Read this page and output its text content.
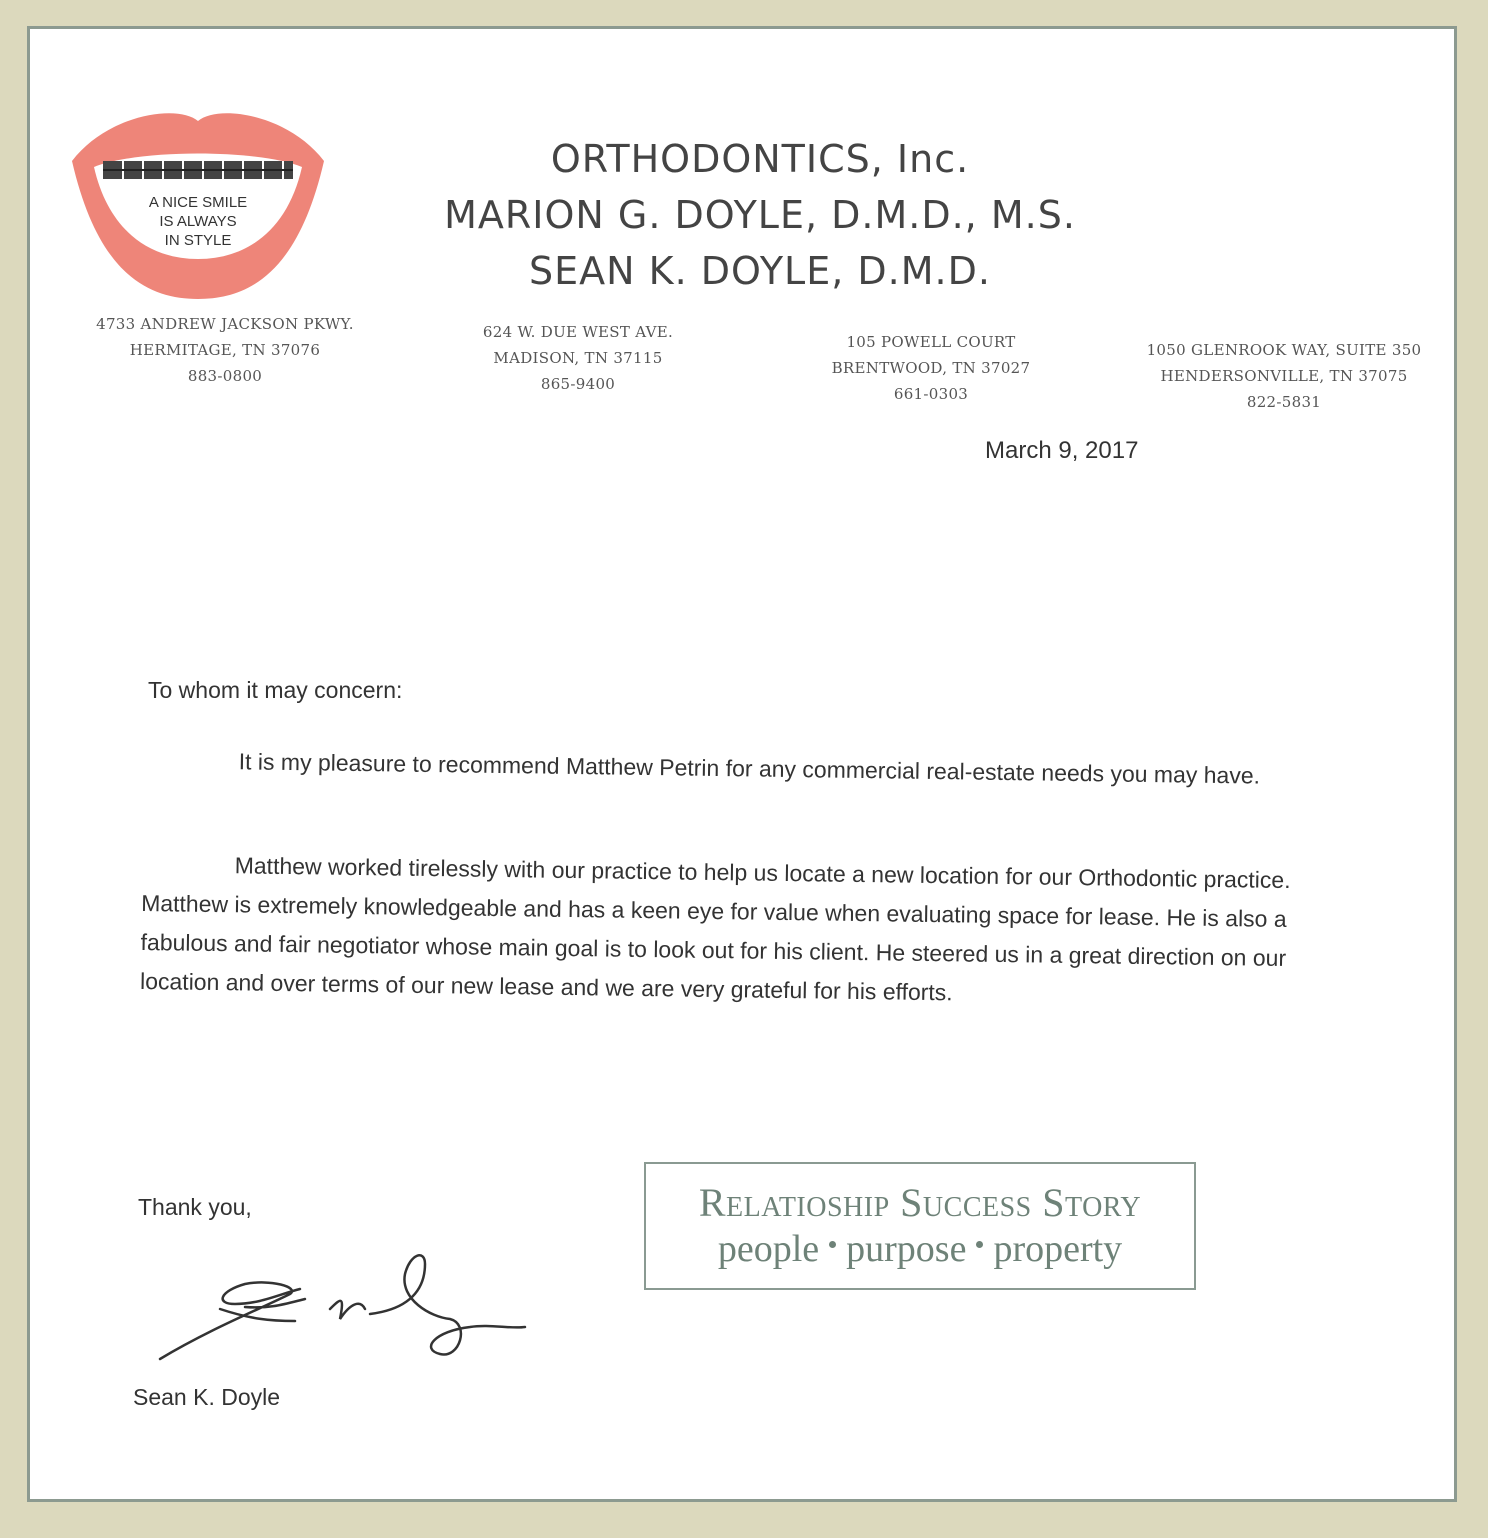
A NICE SMILE
IS ALWAYS
IN STYLE
ORTHODONTICS, Inc.
MARION G. DOYLE, D.M.D., M.S.
SEAN K. DOYLE, D.M.D.
4733 ANDREW JACKSON PKWY.
HERMITAGE, TN 37076
883-0800
624 W. DUE WEST AVE.
MADISON, TN 37115
865-9400
105 POWELL COURT
BRENTWOOD, TN 37027
661-0303
1050 GLENROOK WAY, SUITE 350
HENDERSONVILLE, TN 37075
822-5831
March 9, 2017
To whom it may concern:
It is my pleasure to recommend Matthew Petrin for any commercial real-estate needs you may have.
Matthew worked tirelessly with our practice to help us locate a new location for our Orthodontic practice. Matthew is extremely knowledgeable and has a keen eye for value when evaluating space for lease. He is also a fabulous and fair negotiator whose main goal is to look out for his client. He steered us in a great direction on our location and over terms of our new lease and we are very grateful for his efforts.
Thank you,
Sean K. Doyle
Relatioship Success Story
people purpose property
